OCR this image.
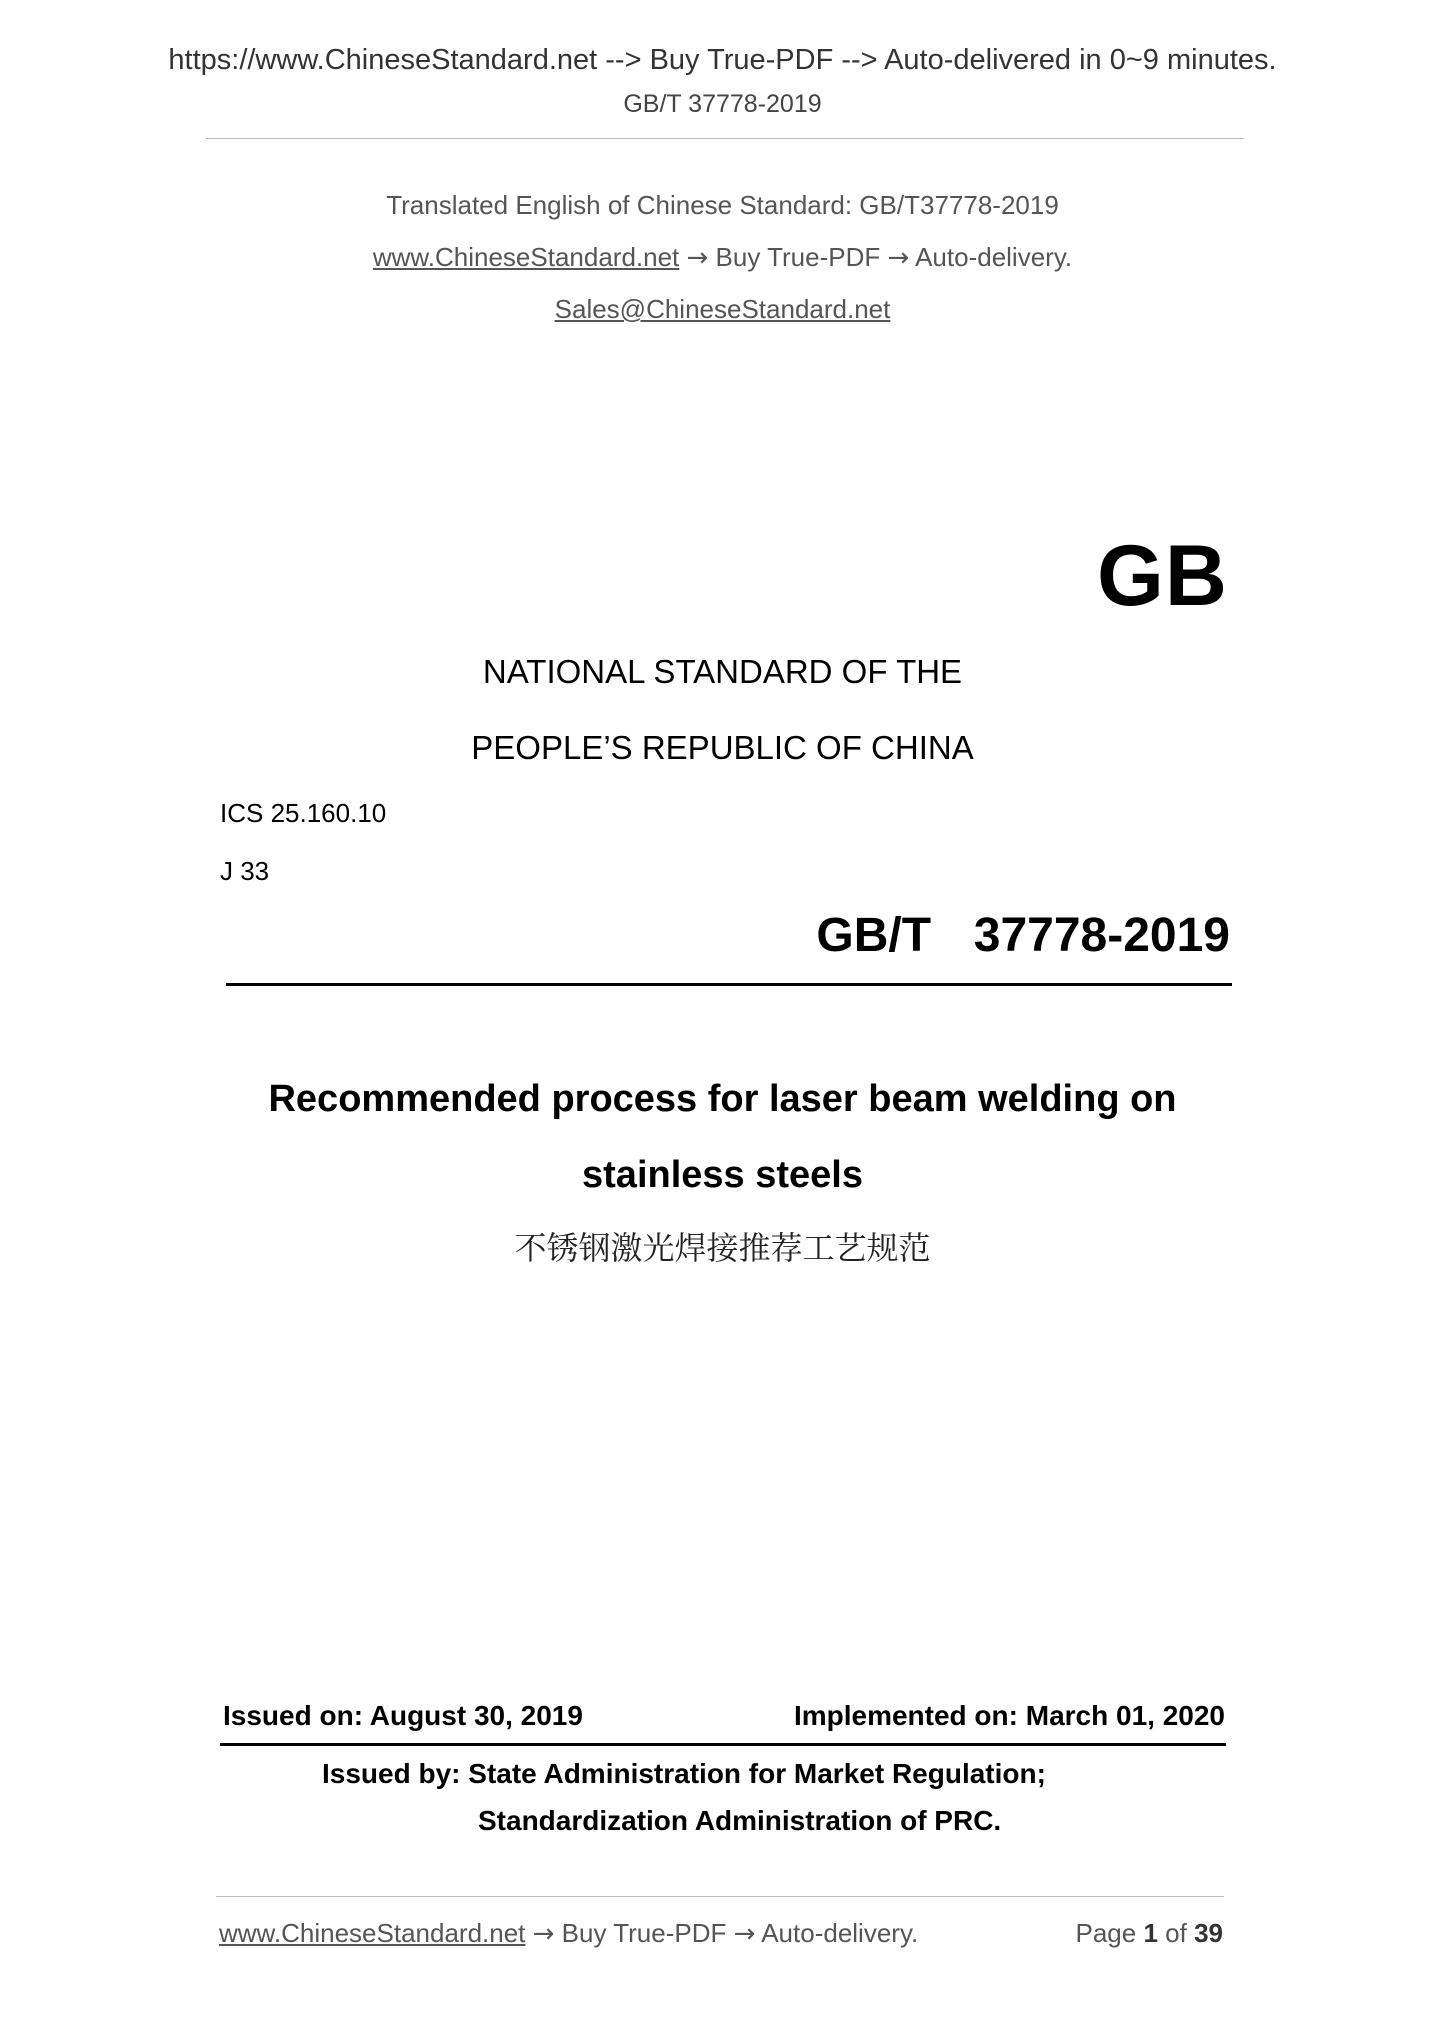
https://www.ChineseStandard.net --> Buy True-PDF --> Auto-delivered in 0~9 minutes.
GB/T 37778-2019
Translated English of Chinese Standard: GB/T37778-2019
www.ChineseStandard.net → Buy True-PDF → Auto-delivery.
Sales@ChineseStandard.net
GB
NATIONAL STANDARD OF THE
PEOPLE’S REPUBLIC OF CHINA
ICS 25.160.10
J 33
GB/T  37778-2019
Recommended process for laser beam welding on
stainless steels
不锈钢激光焊接推荐工艺规范
Issued on: August 30, 2019	Implemented on: March 01, 2020
Issued by: State Administration for Market Regulation;
Standardization Administration of PRC.
www.ChineseStandard.net → Buy True-PDF → Auto-delivery.	Page 1 of 39
